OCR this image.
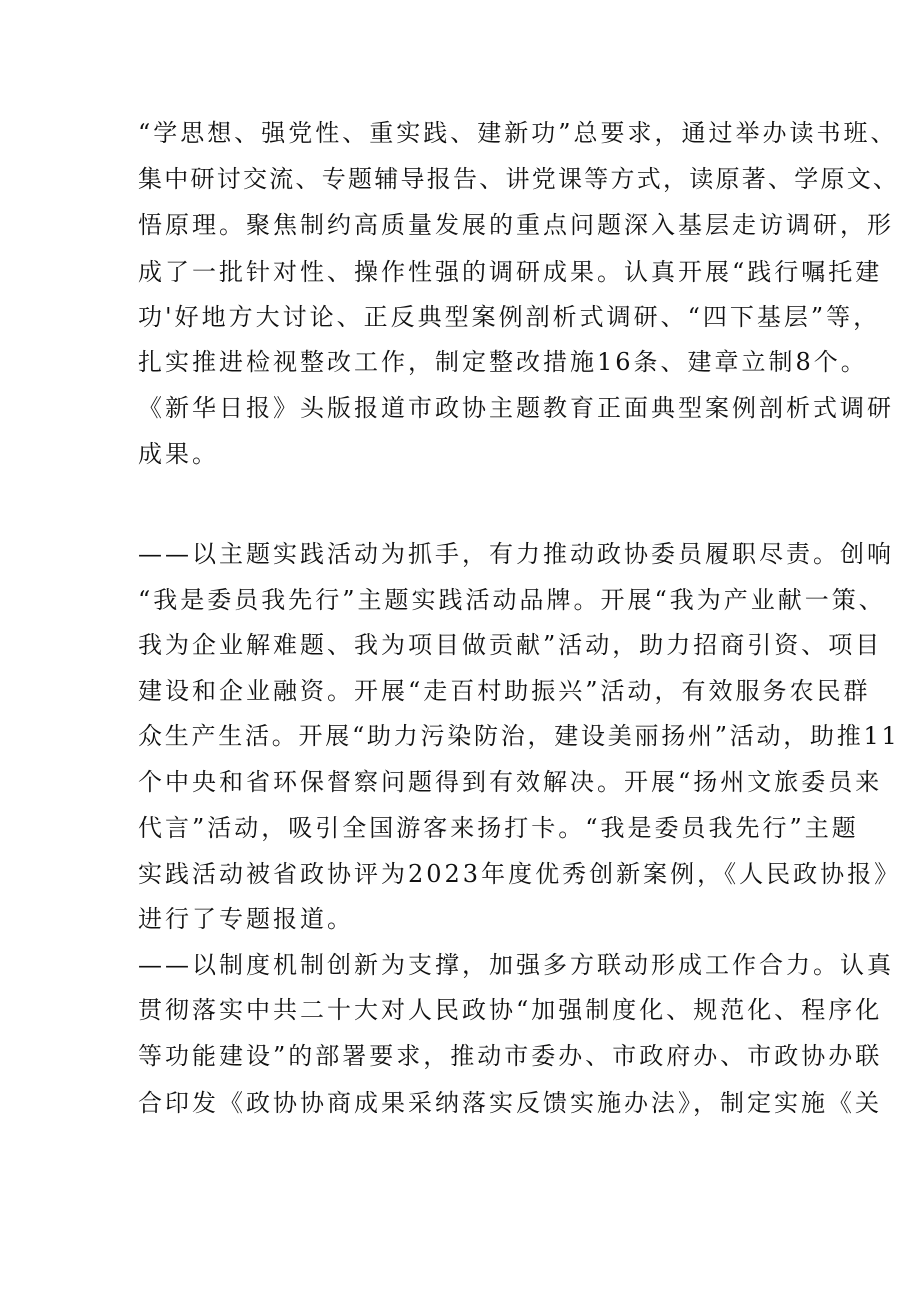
“学思想、强党性、重实践、建新功”总要求，通过举办读书班、
集中研讨交流、专题辅导报告、讲党课等方式，读原著、学原文、
悟原理。聚焦制约高质量发展的重点问题深入基层走访调研，形
成了一批针对性、操作性强的调研成果。认真开展“践行嘱托建
功'好地方大讨论、正反典型案例剖析式调研、“四下基层”等，
扎实推进检视整改工作，制定整改措施16条、建章立制8个。
《新华日报》头版报道市政协主题教育正面典型案例剖析式调研
成果。
——以主题实践活动为抓手，有力推动政协委员履职尽责。创响
“我是委员我先行”主题实践活动品牌。开展“我为产业献一策、
我为企业解难题、我为项目做贡献”活动，助力招商引资、项目
建设和企业融资。开展“走百村助振兴”活动，有效服务农民群
众生产生活。开展“助力污染防治，建设美丽扬州”活动，助推11
个中央和省环保督察问题得到有效解决。开展“扬州文旅委员来
代言”活动，吸引全国游客来扬打卡。“我是委员我先行”主题
实践活动被省政协评为2023年度优秀创新案例，《人民政协报》
进行了专题报道。
——以制度机制创新为支撑，加强多方联动形成工作合力。认真
贯彻落实中共二十大对人民政协“加强制度化、规范化、程序化
等功能建设”的部署要求，推动市委办、市政府办、市政协办联
合印发《政协协商成果采纳落实反馈实施办法》，制定实施《关
